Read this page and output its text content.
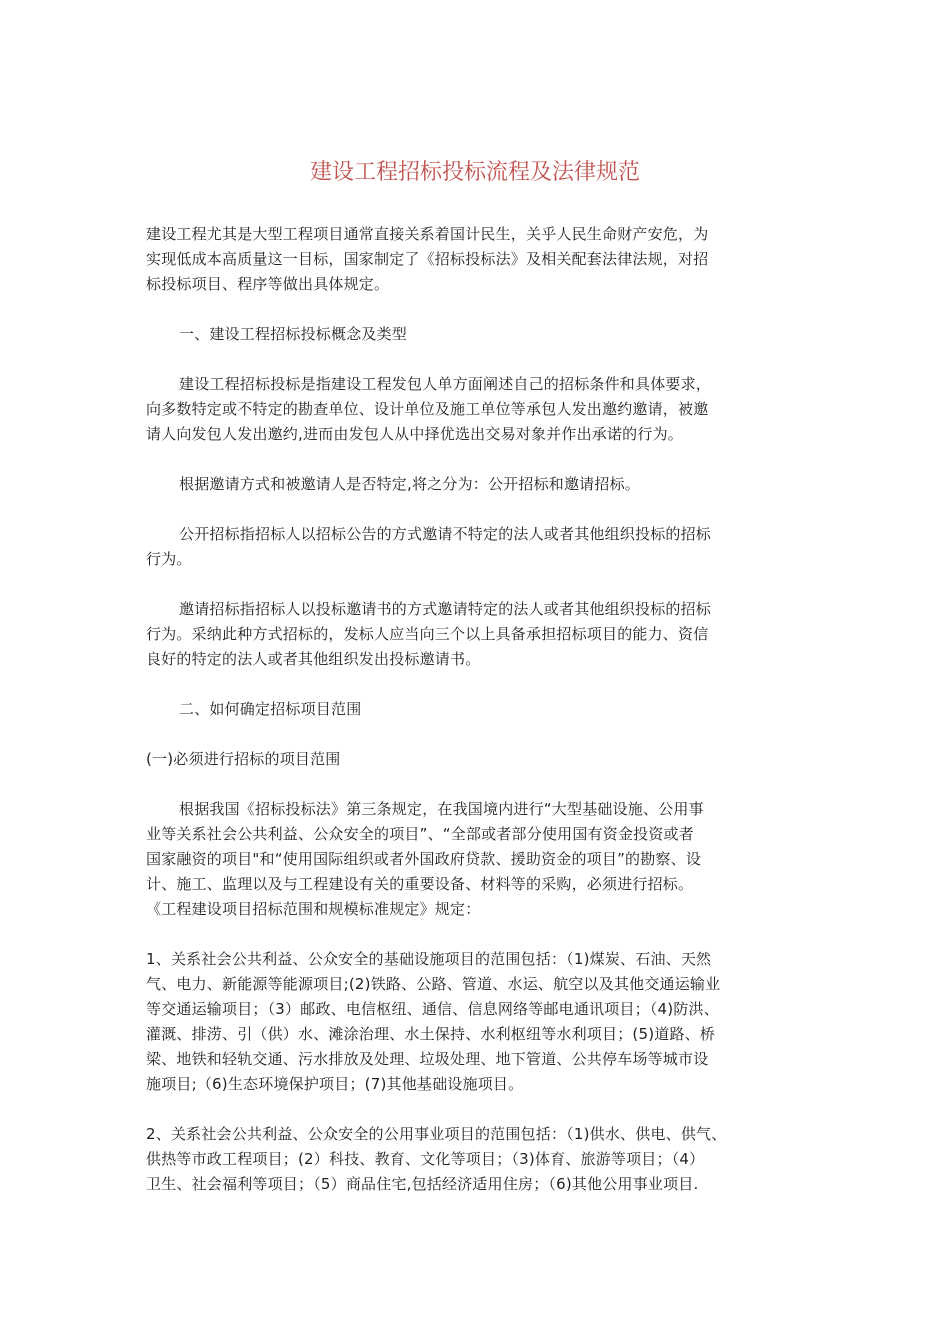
建设工程招标投标流程及法律规范
建设工程尤其是大型工程项目通常直接关系着国计民生，关乎人民生命财产安危，为
实现低成本高质量这一目标，国家制定了《招标投标法》及相关配套法律法规，对招
标投标项目、程序等做出具体规定。
一、建设工程招标投标概念及类型
建设工程招标投标是指建设工程发包人单方面阐述自己的招标条件和具体要求，
向多数特定或不特定的勘查单位、设计单位及施工单位等承包人发出邀约邀请，被邀
请人向发包人发出邀约,进而由发包人从中择优选出交易对象并作出承诺的行为。
根据邀请方式和被邀请人是否特定,将之分为：公开招标和邀请招标。
公开招标指招标人以招标公告的方式邀请不特定的法人或者其他组织投标的招标
行为。
邀请招标指招标人以投标邀请书的方式邀请特定的法人或者其他组织投标的招标
行为。采纳此种方式招标的，发标人应当向三个以上具备承担招标项目的能力、资信
良好的特定的法人或者其他组织发出投标邀请书。
二、如何确定招标项目范围
(一)必须进行招标的项目范围
根据我国《招标投标法》第三条规定，在我国境内进行“大型基础设施、公用事
业等关系社会公共利益、公众安全的项目”、“全部或者部分使用国有资金投资或者
国家融资的项目"和“使用国际组织或者外国政府贷款、援助资金的项目”的勘察、设
计、施工、监理以及与工程建设有关的重要设备、材料等的采购，必须进行招标。
《工程建设项目招标范围和规模标准规定》规定：
1、关系社会公共利益、公众安全的基础设施项目的范围包括：（1)煤炭、石油、天然
气、电力、新能源等能源项目;(2)铁路、公路、管道、水运、航空以及其他交通运输业
等交通运输项目；（3）邮政、电信枢纽、通信、信息网络等邮电通讯项目；（4)防洪、
灌溉、排涝、引（供）水、滩涂治理、水土保持、水利枢纽等水利项目；(5)道路、桥
梁、地铁和轻轨交通、污水排放及处理、垃圾处理、地下管道、公共停车场等城市设
施项目;（6)生态环境保护项目；(7)其他基础设施项目。
2、关系社会公共利益、公众安全的公用事业项目的范围包括：（1)供水、供电、供气、
供热等市政工程项目；(2）科技、教育、文化等项目；（3)体育、旅游等项目；（4）
卫生、社会福利等项目；（5）商品住宅,包括经济适用住房；（6)其他公用事业项目.
